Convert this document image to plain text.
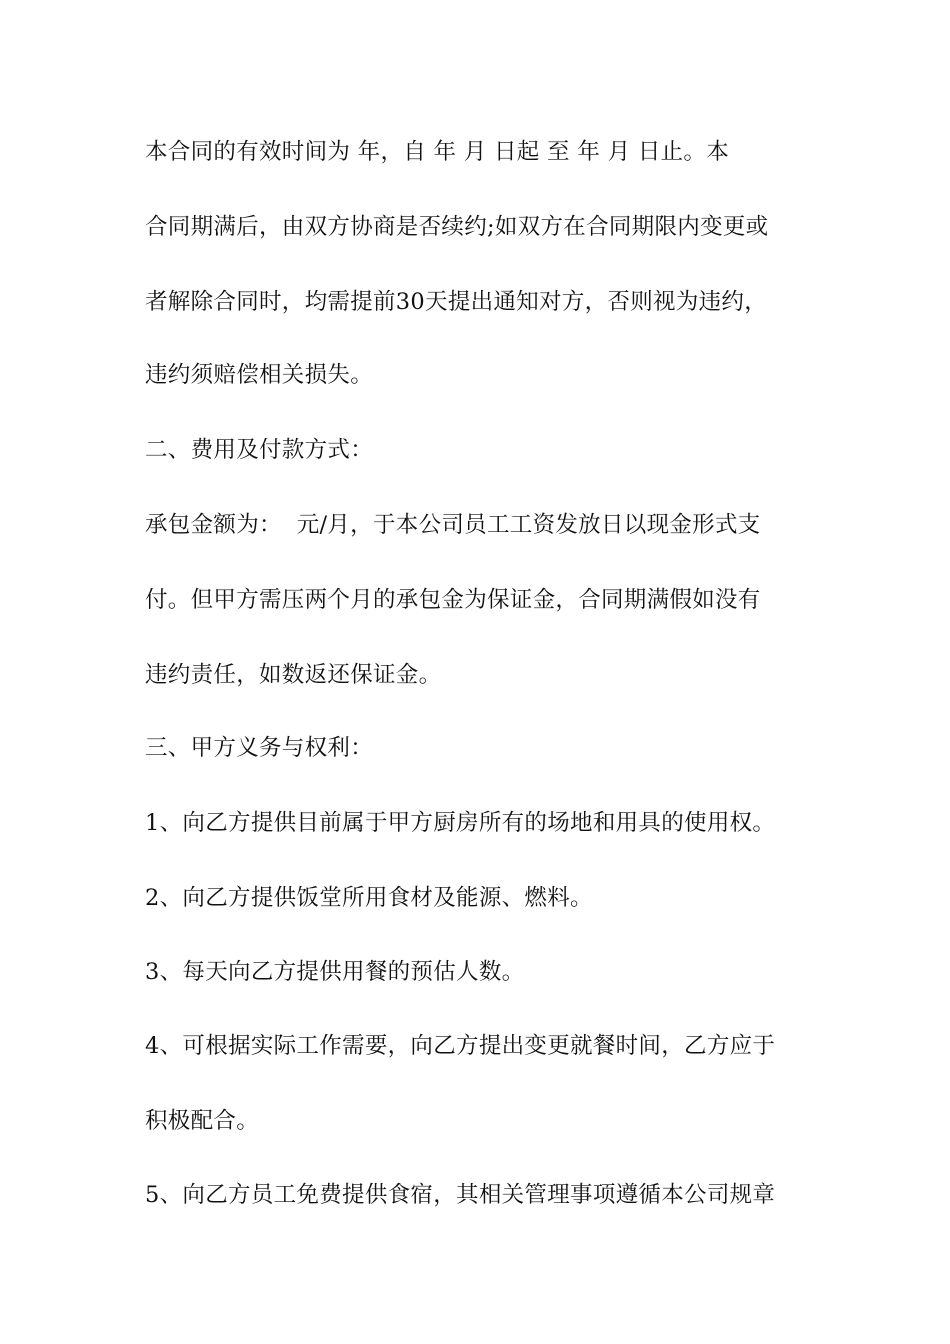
本合同的有效时间为 年，自 年 月 日起 至 年 月 日止。本
合同期满后，由双方协商是否续约;如双方在合同期限内变更或
者解除合同时，均需提前30天提出通知对方，否则视为违约，
违约须赔偿相关损失。
二、费用及付款方式：
承包金额为：  元/月，于本公司员工工资发放日以现金形式支
付。但甲方需压两个月的承包金为保证金，合同期满假如没有
违约责任，如数返还保证金。
三、甲方义务与权利：
1、向乙方提供目前属于甲方厨房所有的场地和用具的使用权。
2、向乙方提供饭堂所用食材及能源、燃料。
3、每天向乙方提供用餐的预估人数。
4、可根据实际工作需要，向乙方提出变更就餐时间，乙方应于
积极配合。
5、向乙方员工免费提供食宿，其相关管理事项遵循本公司规章
